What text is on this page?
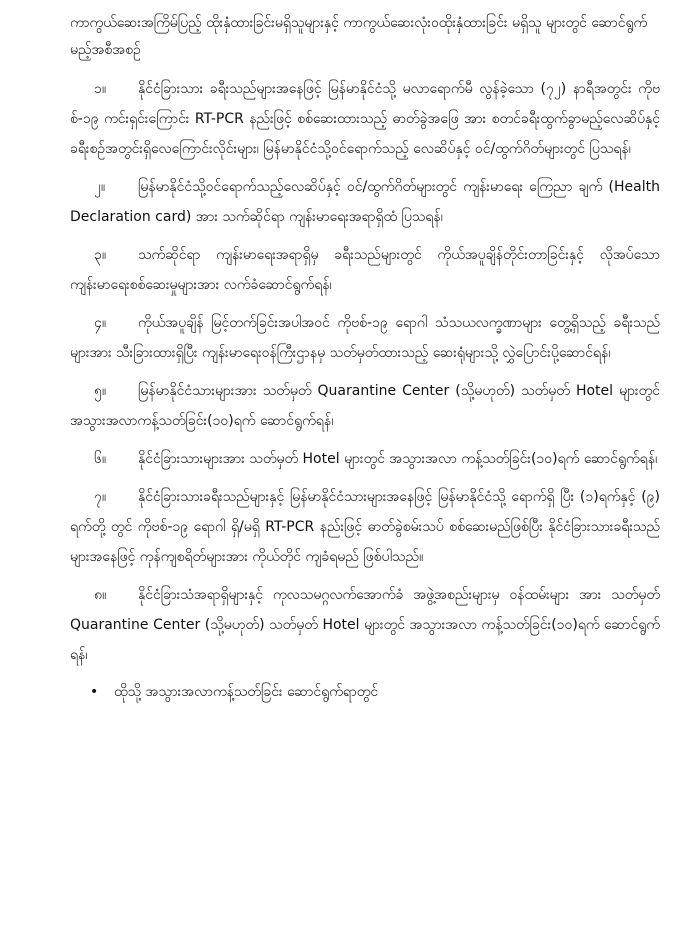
ကာကွယ်ဆေးအကြိမ်ပြည့် ထိုးနှံထားခြင်းမရှိသူများနှင့် ကာကွယ်ဆေးလုံးဝထိုးနှံထားခြင်း မရှိသူ များတွင် ဆောင်ရွက်မည့်အစီအစဉ်

၁။ နိုင်ငံခြားသား ခရီးသည်များအနေဖြင့် မြန်မာနိုင်ငံသို့ မလာရောက်မီ လွန်ခဲ့သော (၇၂) နာရီအတွင်း ကိုဗစ်-၁၉ ကင်းရှင်းကြောင်း RT-PCR နည်းဖြင့် စစ်ဆေးထားသည့် ဓာတ်ခွဲအဖြေ အား စတင်ခရီးထွက်ခွာမည့်လေဆိပ်နှင့် ခရီးစဉ်အတွင်းရှိလေကြောင်းလိုင်းများ၊ မြန်မာနိုင်ငံသို့ဝင်ရောက်သည့် လေဆိပ်နှင့် ဝင်/ထွက်ဂိတ်များတွင် ပြသရန်၊

၂။ မြန်မာနိုင်ငံသို့ဝင်ရောက်သည့်လေဆိပ်နှင့် ဝင်/ထွက်ဂိတ်များတွင် ကျန်းမာရေး ကြေညာ ချက် (Health Declaration card) အား သက်ဆိုင်ရာ ကျန်းမာရေးအရာရှိထံ ပြသရန်၊

၃။ သက်ဆိုင်ရာ ကျန်းမာရေးအရာရှိမှ ခရီးသည်များတွင် ကိုယ်အပူချိန်တိုင်းတာခြင်းနှင့် လိုအပ်သော ကျန်းမာရေးစစ်ဆေးမှုများအား လက်ခံဆောင်ရွက်ရန်၊

၄။ ကိုယ်အပူချိန် မြင့်တက်ခြင်းအပါအဝင် ကိုဗစ်-၁၉ ရောဂါ သံသယလက္ခဏာများ တွေ့ရှိသည့် ခရီးသည်များအား သီးခြားထားရှိပြီး ကျန်းမာရေးဝန်ကြီးဌာနမှ သတ်မှတ်ထားသည့် ဆေးရုံများသို့ လွှဲပြောင်းပို့ဆောင်ရန်၊

၅။ မြန်မာနိုင်ငံသားများအား သတ်မှတ် Quarantine Center (သို့မဟုတ်) သတ်မှတ် Hotel များတွင် အသွားအလာကန့်သတ်ခြင်း(၁၀)ရက် ဆောင်ရွက်ရန်၊

၆။ နိုင်ငံခြားသားများအား သတ်မှတ် Hotel များတွင် အသွားအလာ ကန့်သတ်ခြင်း(၁၀)ရက် ဆောင်ရွက်ရန်၊

၇။ နိုင်ငံခြားသားခရီးသည်များနှင့် မြန်မာနိုင်ငံသားများအနေဖြင့် မြန်မာနိုင်ငံသို့ ရောက်ရှိ ပြီး (၁)ရက်နှင့် (၉) ရက်တို့ တွင် ကိုဗစ်-၁၉ ရောဂါ ရှိ/မရှိ RT-PCR နည်းဖြင့် ဓာတ်ခွဲစမ်းသပ် စစ်ဆေးမည်ဖြစ်ပြီး နိုင်ငံခြားသားခရီးသည်များအနေဖြင့် ကုန်ကျစရိတ်များအား ကိုယ်တိုင် ကျခံရမည် ဖြစ်ပါသည်။

၈။ နိုင်ငံခြားသံအရာရှိများနှင့် ကုလသမဂ္ဂလက်အောက်ခံ အဖွဲ့အစည်းများမှ ဝန်ထမ်းများ အား သတ်မှတ် Quarantine Center (သို့မဟုတ်) သတ်မှတ် Hotel များတွင် အသွားအလာ ကန့်သတ်ခြင်း(၁၀)ရက် ဆောင်ရွက်ရန်၊

• ထိုသို့ အသွားအလာကန့်သတ်ခြင်း ဆောင်ရွက်ရာတွင်
